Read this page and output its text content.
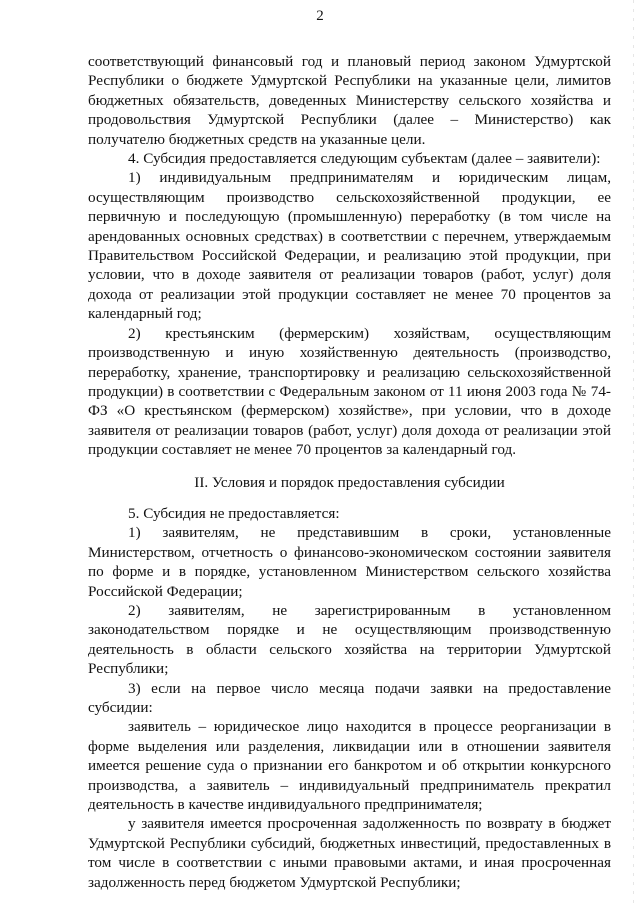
2

соответствующий финансовый год и плановый период законом Удмуртской Республики о бюджете Удмуртской Республики на указанные цели, лимитов бюджетных обязательств, доведенных Министерству сельского хозяйства и продовольствия Удмуртской Республики (далее – Министерство) как получателю бюджетных средств на указанные цели.

4. Субсидия предоставляется следующим субъектам (далее – заявители):

1) индивидуальным предпринимателям и юридическим лицам, осуществляющим производство сельскохозяйственной продукции, ее первичную и последующую (промышленную) переработку (в том числе на арендованных основных средствах) в соответствии с перечнем, утверждаемым Правительством Российской Федерации, и реализацию этой продукции, при условии, что в доходе заявителя от реализации товаров (работ, услуг) доля дохода от реализации этой продукции составляет не менее 70 процентов за календарный год;

2) крестьянским (фермерским) хозяйствам, осуществляющим производственную и иную хозяйственную деятельность (производство, переработку, хранение, транспортировку и реализацию сельскохозяйственной продукции) в соответствии с Федеральным законом от 11 июня 2003 года № 74-ФЗ «О крестьянском (фермерском) хозяйстве», при условии, что в доходе заявителя от реализации товаров (работ, услуг) доля дохода от реализации этой продукции составляет не менее 70 процентов за календарный год.

II. Условия и порядок предоставления субсидии

5. Субсидия не предоставляется:

1) заявителям, не представившим в сроки, установленные Министерством, отчетность о финансово-экономическом состоянии заявителя по форме и в порядке, установленном Министерством сельского хозяйства Российской Федерации;

2) заявителям, не зарегистрированным в установленном законодательством порядке и не осуществляющим производственную деятельность в области сельского хозяйства на территории Удмуртской Республики;

3) если на первое число месяца подачи заявки на предоставление субсидии:

заявитель – юридическое лицо находится в процессе реорганизации в форме выделения или разделения, ликвидации или в отношении заявителя имеется решение суда о признании его банкротом и об открытии конкурсного производства, а заявитель – индивидуальный предприниматель прекратил деятельность в качестве индивидуального предпринимателя;

у заявителя имеется просроченная задолженность по возврату в бюджет Удмуртской Республики субсидий, бюджетных инвестиций, предоставленных в том числе в соответствии с иными правовыми актами, и иная просроченная задолженность перед бюджетом Удмуртской Республики;
